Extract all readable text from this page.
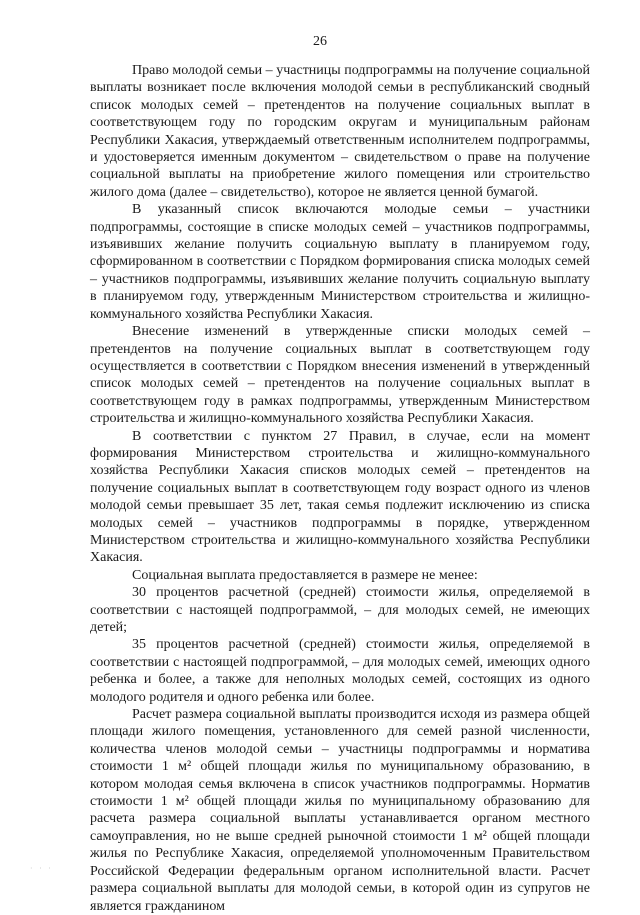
26

Право молодой семьи – участницы подпрограммы на получение социальной выплаты возникает после включения молодой семьи в республиканский сводный список молодых семей – претендентов на получение социальных выплат в соответствующем году по городским округам и муниципальным районам Республики Хакасия, утверждаемый ответственным исполнителем подпрограммы, и удостоверяется именным документом – свидетельством о праве на получение социальной выплаты на приобретение жилого помещения или строительство жилого дома (далее – свидетельство), которое не является ценной бумагой.

В указанный список включаются молодые семьи – участники подпрограммы, состоящие в списке молодых семей – участников подпрограммы, изъявивших желание получить социальную выплату в планируемом году, сформированном в соответствии с Порядком формирования списка молодых семей – участников подпрограммы, изъявивших желание получить социальную выплату в планируемом году, утвержденным Министерством строительства и жилищно-коммунального хозяйства Республики Хакасия.

Внесение изменений в утвержденные списки молодых семей – претендентов на получение социальных выплат в соответствующем году осуществляется в соответствии с Порядком внесения изменений в утвержденный список молодых семей – претендентов на получение социальных выплат в соответствующем году в рамках подпрограммы, утвержденным Министерством строительства и жилищно-коммунального хозяйства Республики Хакасия.

В соответствии с пунктом 27 Правил, в случае, если на момент формирования Министерством строительства и жилищно-коммунального хозяйства Республики Хакасия списков молодых семей – претендентов на получение социальных выплат в соответствующем году возраст одного из членов молодой семьи превышает 35 лет, такая семья подлежит исключению из списка молодых семей – участников подпрограммы в порядке, утвержденном Министерством строительства и жилищно-коммунального хозяйства Республики Хакасия.

Социальная выплата предоставляется в размере не менее:

30 процентов расчетной (средней) стоимости жилья, определяемой в соответствии с настоящей подпрограммой, – для молодых семей, не имеющих детей;

35 процентов расчетной (средней) стоимости жилья, определяемой в соответствии с настоящей подпрограммой, – для молодых семей, имеющих одного ребенка и более, а также для неполных молодых семей, состоящих из одного молодого родителя и одного ребенка или более.

Расчет размера социальной выплаты производится исходя из размера общей площади жилого помещения, установленного для семей разной численности, количества членов молодой семьи – участницы подпрограммы и норматива стоимости 1 м² общей площади жилья по муниципальному образованию, в котором молодая семья включена в список участников подпрограммы. Норматив стоимости 1 м² общей площади жилья по муниципальному образованию для расчета размера социальной выплаты устанавливается органом местного самоуправления, но не выше средней рыночной стоимости 1 м² общей площади жилья по Республике Хакасия, определяемой уполномоченным Правительством Российской Федерации федеральным органом исполнительной власти. Расчет размера социальной выплаты для молодой семьи, в которой один из супругов не является гражданином

· · ·
